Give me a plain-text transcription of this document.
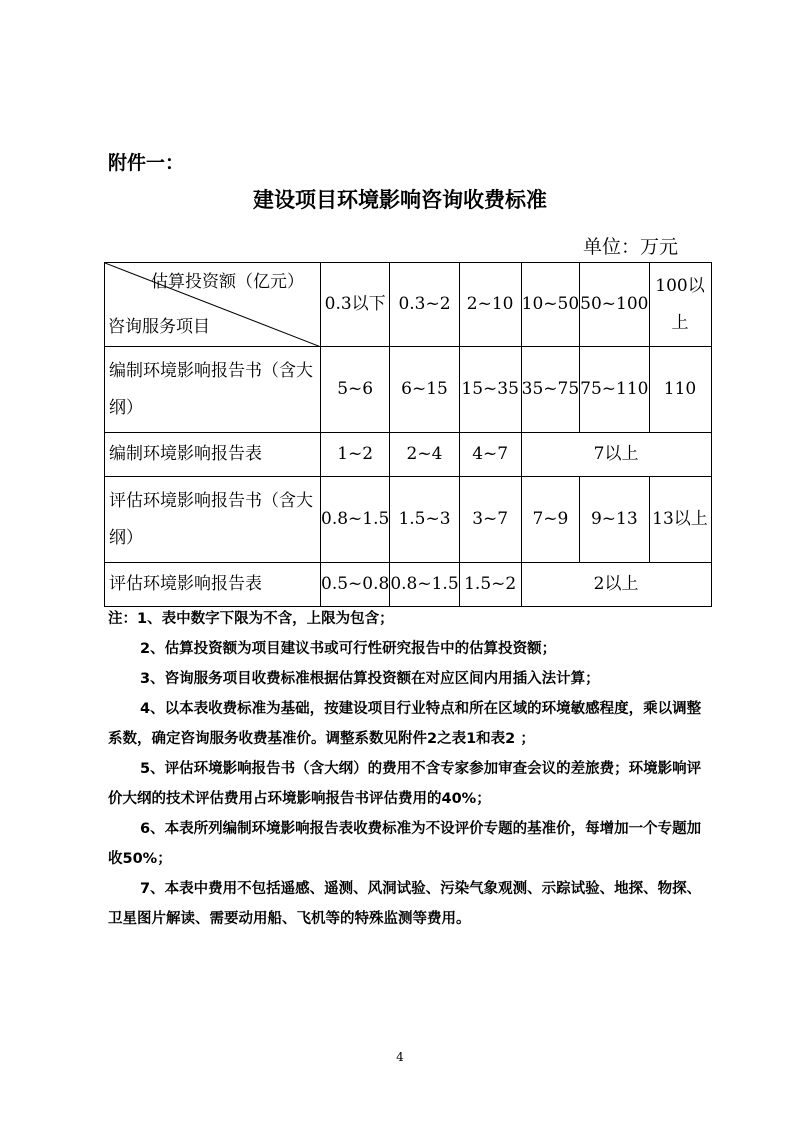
附件一：
建设项目环境影响咨询收费标准
单位：万元
估算投资额（亿元）
咨询服务项目	0.3以下	0.3~2	2~10	10~50	50~100	100以上
编制环境影响报告书（含大纲）	5~6	6~15	15~35	35~75	75~110	110
编制环境影响报告表	1~2	2~4	4~7	7以上		
评估环境影响报告书（含大纲）	0.8~1.5	1.5~3	3~7	7~9	9~13	13以上
评估环境影响报告表	0.5~0.8	0.8~1.5	1.5~2	2以上		

注：1、表中数字下限为不含，上限为包含；

2、估算投资额为项目建议书或可行性研究报告中的估算投资额；

3、咨询服务项目收费标准根据估算投资额在对应区间内用插入法计算；

4、以本表收费标准为基础，按建设项目行业特点和所在区域的环境敏感程度，乘以调整系数，确定咨询服务收费基准价。调整系数见附件2之表1和表2 ；

5、评估环境影响报告书（含大纲）的费用不含专家参加审查会议的差旅费；环境影响评价大纲的技术评估费用占环境影响报告书评估费用的40%；

6、本表所列编制环境影响报告表收费标准为不设评价专题的基准价，每增加一个专题加收50%；

7、本表中费用不包括遥感、遥测、风洞试验、污染气象观测、示踪试验、地探、物探、卫星图片解读、需要动用船、飞机等的特殊监测等费用。

4
